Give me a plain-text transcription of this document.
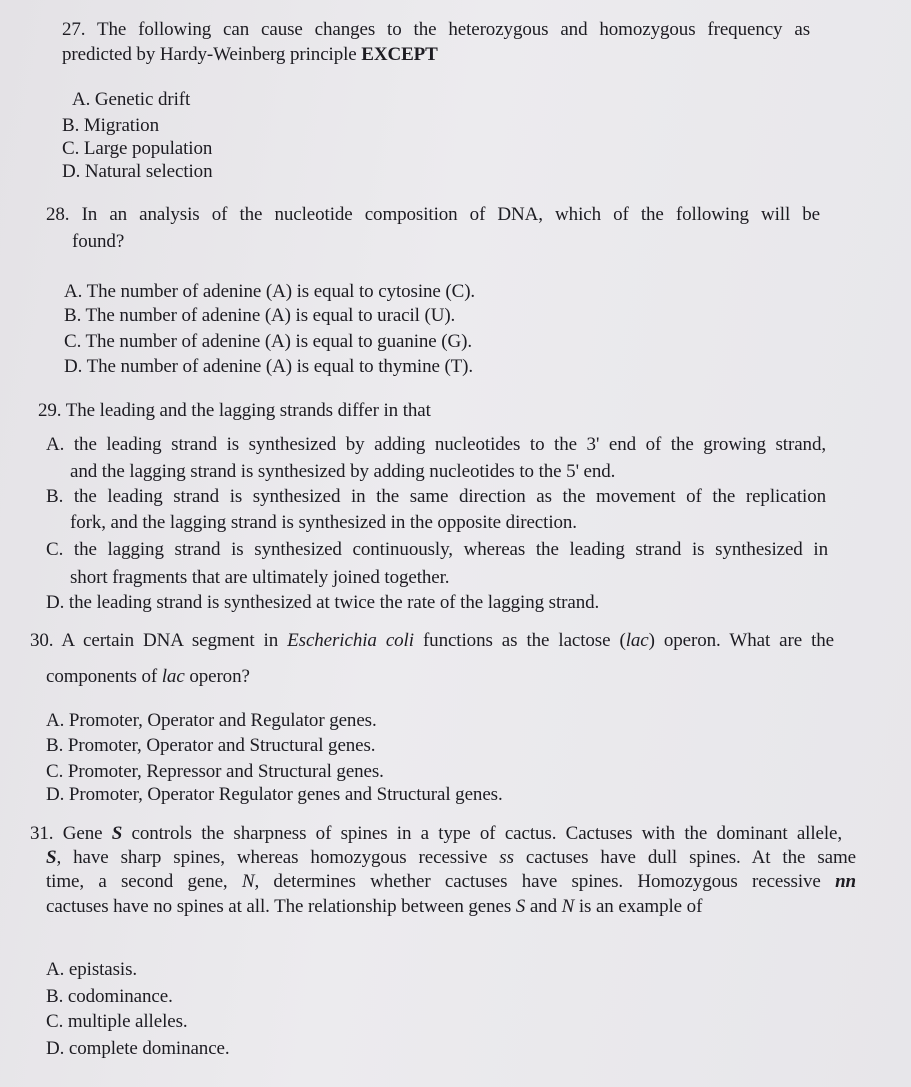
27. The following can cause changes to the heterozygous and homozygous frequency as
predicted by Hardy-Weinberg principle EXCEPT
A. Genetic drift
B. Migration
C. Large population
D. Natural selection
28. In an analysis of the nucleotide composition of DNA, which of the following will be
found?
A. The number of adenine (A) is equal to cytosine (C).
B. The number of adenine (A) is equal to uracil (U).
C. The number of adenine (A) is equal to guanine (G).
D. The number of adenine (A) is equal to thymine (T).
29. The leading and the lagging strands differ in that
A. the leading strand is synthesized by adding nucleotides to the 3' end of the growing strand,
and the lagging strand is synthesized by adding nucleotides to the 5' end.
B. the leading strand is synthesized in the same direction as the movement of the replication
fork, and the lagging strand is synthesized in the opposite direction.
C. the lagging strand is synthesized continuously, whereas the leading strand is synthesized in
short fragments that are ultimately joined together.
D. the leading strand is synthesized at twice the rate of the lagging strand.
30. A certain DNA segment in Escherichia coli functions as the lactose (lac) operon. What are the
components of lac operon?
A. Promoter, Operator and Regulator genes.
B. Promoter, Operator and Structural genes.
C. Promoter, Repressor and Structural genes.
D. Promoter, Operator Regulator genes and Structural genes.
31. Gene S controls the sharpness of spines in a type of cactus. Cactuses with the dominant allele,
S, have sharp spines, whereas homozygous recessive ss cactuses have dull spines. At the same
time, a second gene, N, determines whether cactuses have spines. Homozygous recessive nn
cactuses have no spines at all. The relationship between genes S and N is an example of
A. epistasis.
B. codominance.
C. multiple alleles.
D. complete dominance.
